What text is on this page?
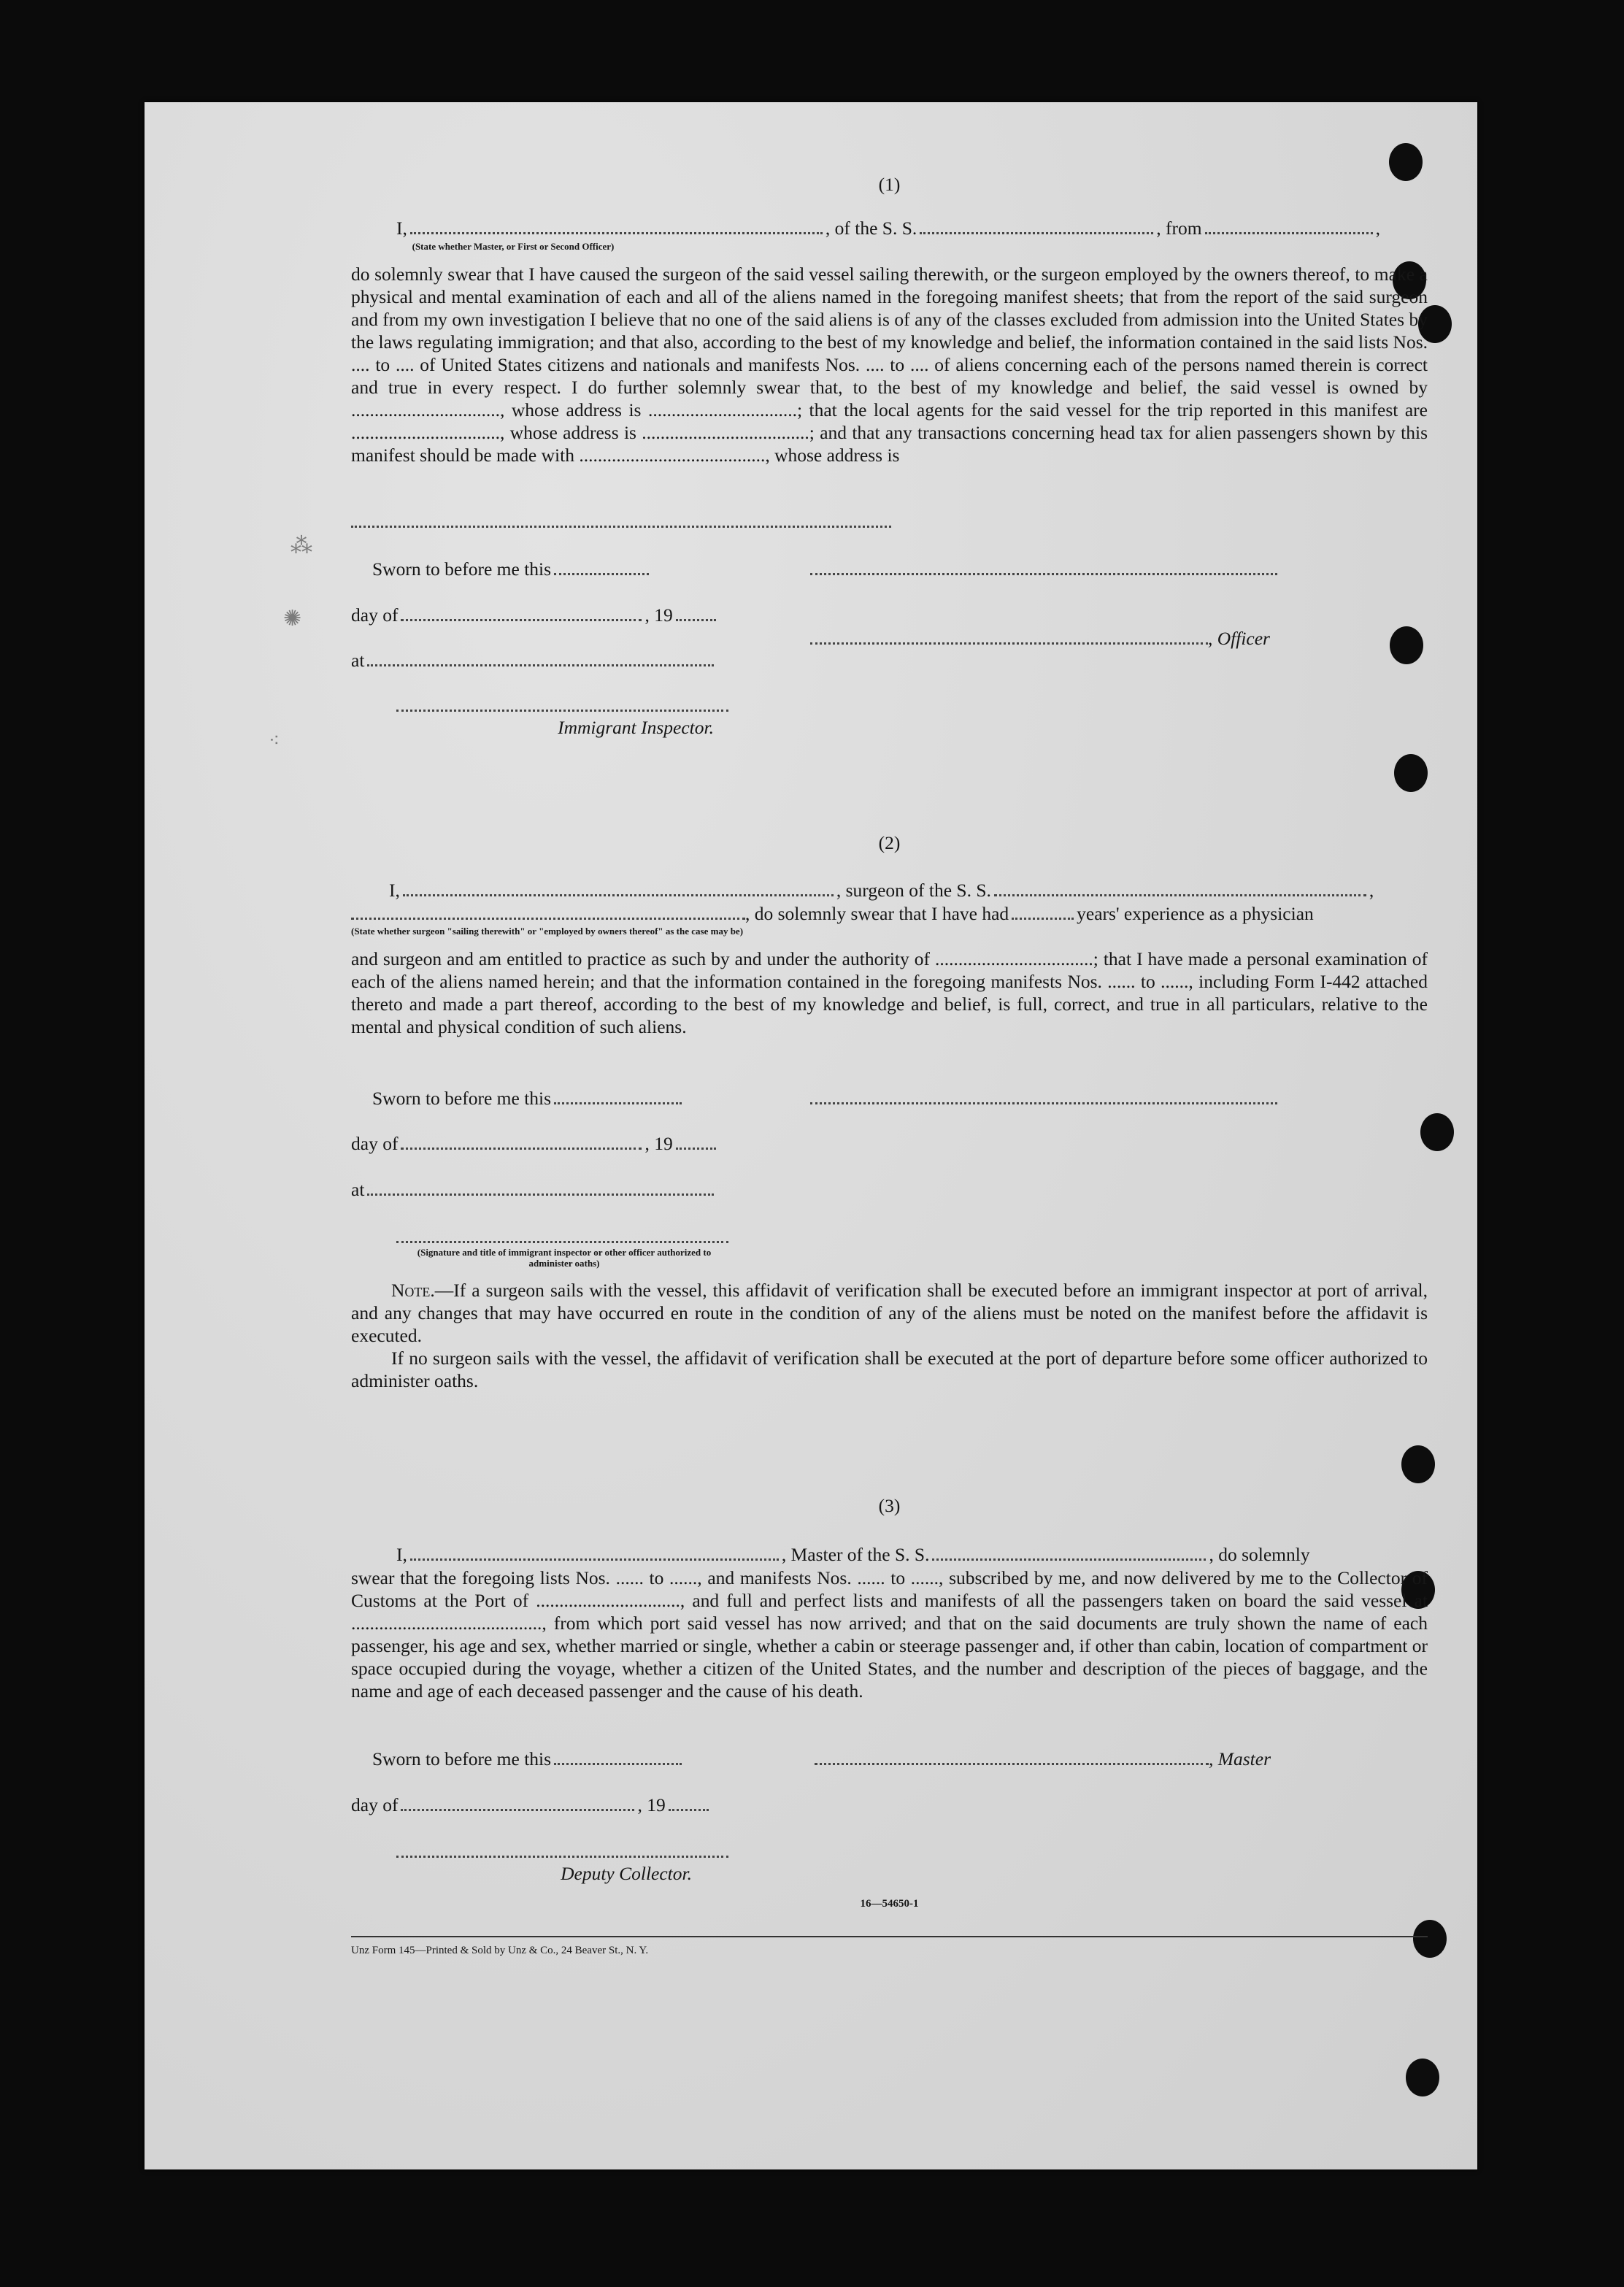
⁂
✺
⁖
(1)
I,	, of the S. S.	, from	,
(State whether Master, or First or Second Officer)
do solemnly swear that I have caused the surgeon of the said vessel sailing therewith, or the surgeon employed by the owners thereof, to make a physical and mental examination of each and all of the aliens named in the foregoing manifest sheets; that from the report of the said surgeon and from my own investigation I believe that no one of the said aliens is of any of the classes excluded from admission into the United States by the laws regulating immigration; and that also, according to the best of my knowledge and belief, the information contained in the said lists Nos. .... to .... of United States citizens and nationals and manifests Nos. .... to .... of aliens concerning each of the persons named therein is correct and true in every respect. I do further solemnly swear that, to the best of my knowledge and belief, the said vessel is owned by ................................, whose address is ................................; that the local agents for the said vessel for the trip reported in this manifest are ................................, whose address is ....................................; and that any transactions concerning head tax for alien passengers shown by this manifest should be made with ........................................, whose address is
Sworn to before me this
day of	, 19
, Officer
at
Immigrant Inspector.
(2)
I,	, surgeon of the S. S.	,
, do solemnly swear that I have had	years' experience as a physician
(State whether surgeon "sailing therewith" or "employed by owners thereof" as the case may be)
and surgeon and am entitled to practice as such by and under the authority of ..................................; that I have made a personal examination of each of the aliens named herein; and that the information contained in the foregoing manifests Nos. ...... to ......, including Form I-442 attached thereto and made a part thereof, according to the best of my knowledge and belief, is full, correct, and true in all particulars, relative to the mental and physical condition of such aliens.
Sworn to before me this
day of	, 19
at
(Signature and title of immigrant inspector or other officer authorized to administer oaths)
Note.—If a surgeon sails with the vessel, this affidavit of verification shall be executed before an immigrant inspector at port of arrival, and any changes that may have occurred en route in the condition of any of the aliens must be noted on the manifest before the affidavit is executed.
If no surgeon sails with the vessel, the affidavit of verification shall be executed at the port of departure before some officer authorized to administer oaths.
(3)
I,	, Master of the S. S.	, do solemnly
swear that the foregoing lists Nos. ...... to ......, and manifests Nos. ...... to ......, subscribed by me, and now delivered by me to the Collector of Customs at the Port of ..............................., and full and perfect lists and manifests of all the passengers taken on board the said vessel at ........................................., from which port said vessel has now arrived; and that on the said documents are truly shown the name of each passenger, his age and sex, whether married or single, whether a cabin or steerage passenger and, if other than cabin, location of compartment or space occupied during the voyage, whether a citizen of the United States, and the number and description of the pieces of baggage, and the name and age of each deceased passenger and the cause of his death.
Sworn to before me this	, Master
day of	, 19
Deputy Collector.
16—54650-1
Unz Form 145—Printed & Sold by Unz & Co., 24 Beaver St., N. Y.
